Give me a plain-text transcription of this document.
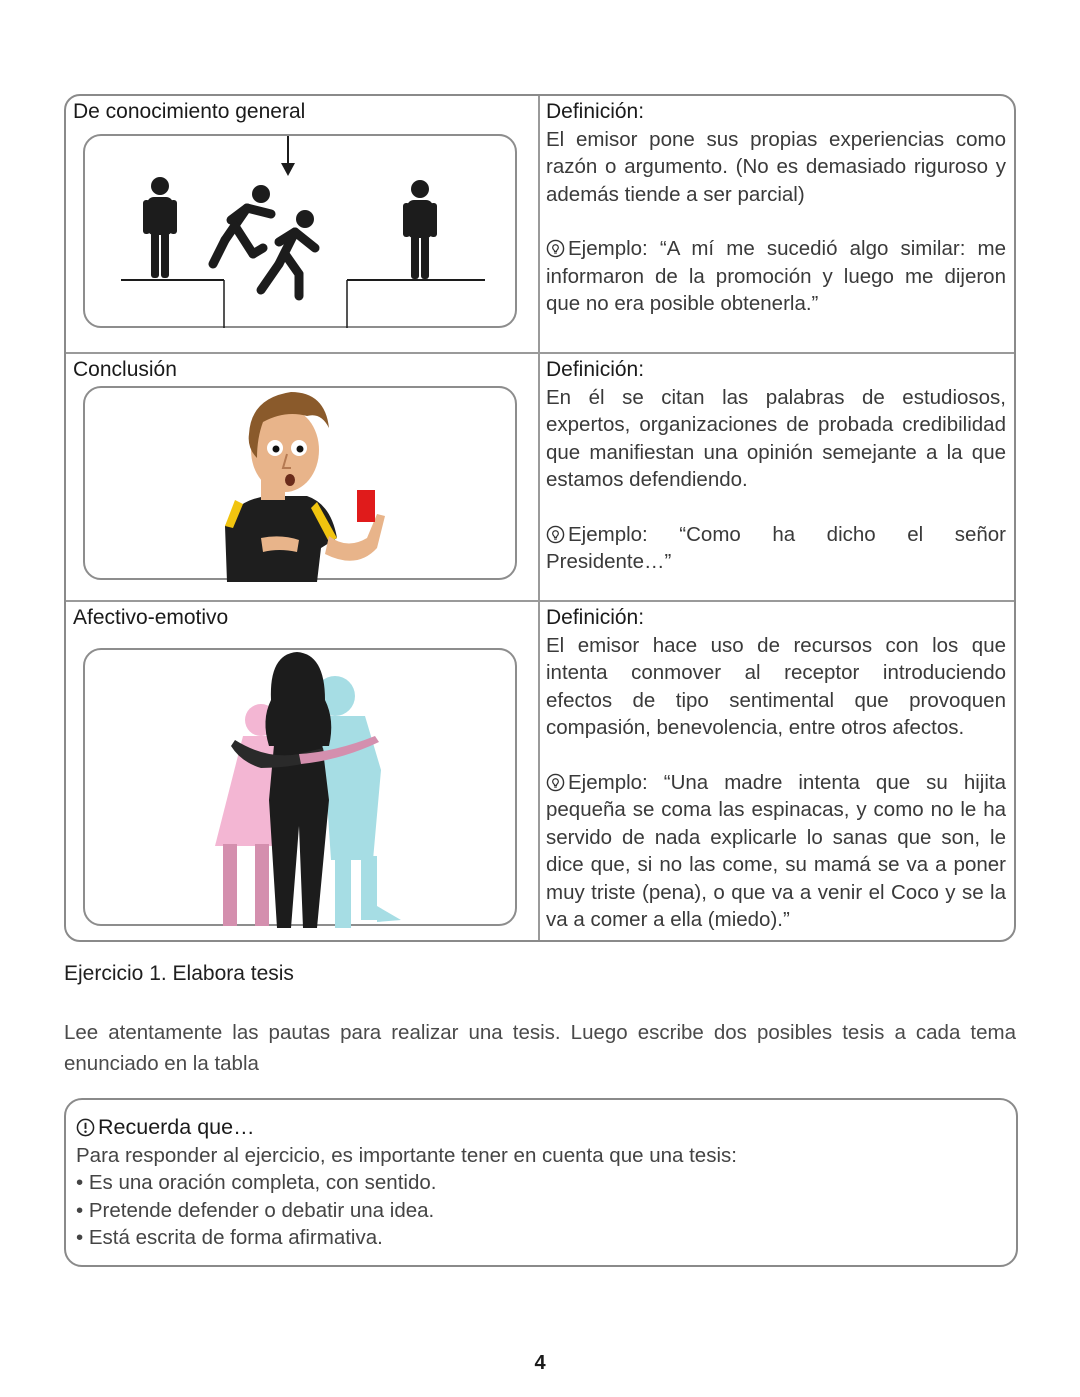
De conocimiento general	Definición:

El emisor pone sus propias experiencias como razón o argumento. (No es demasiado riguroso y además tiende a ser parcial)

Ejemplo: “A mí me sucedió algo similar: me informaron de la promoción y luego me dijeron que no era posible obtenerla.”

Conclusión	Definición:

En él se citan las palabras de estudiosos, expertos, organizaciones de probada credibilidad que manifiestan una opinión semejante a la que estamos defendiendo.

Ejemplo: “Como ha dicho el señor Presidente…”

Afectivo-emotivo	Definición:

El emisor hace uso de recursos con los que intenta conmover al receptor introduciendo efectos de tipo sentimental que provoquen compasión, benevolencia, entre otros afectos.

Ejemplo: “Una madre intenta que su hijita pequeña se coma las espinacas, y como no le ha servido de nada explicarle lo sanas que son, le dice que, si no las come, su mamá se va a poner muy triste (pena), o que va a venir el Coco y se la va a comer a ella (miedo).”

Ejercicio 1. Elabora tesis
Lee atentamente las pautas para realizar una tesis. Luego escribe dos posibles tesis a cada tema enunciado en la tabla
Recuerda que…
Para responder al ejercicio, es importante tener en cuenta que una tesis:
• Es una oración completa, con sentido.
• Pretende defender o debatir una idea.
• Está escrita de forma afirmativa.
4
